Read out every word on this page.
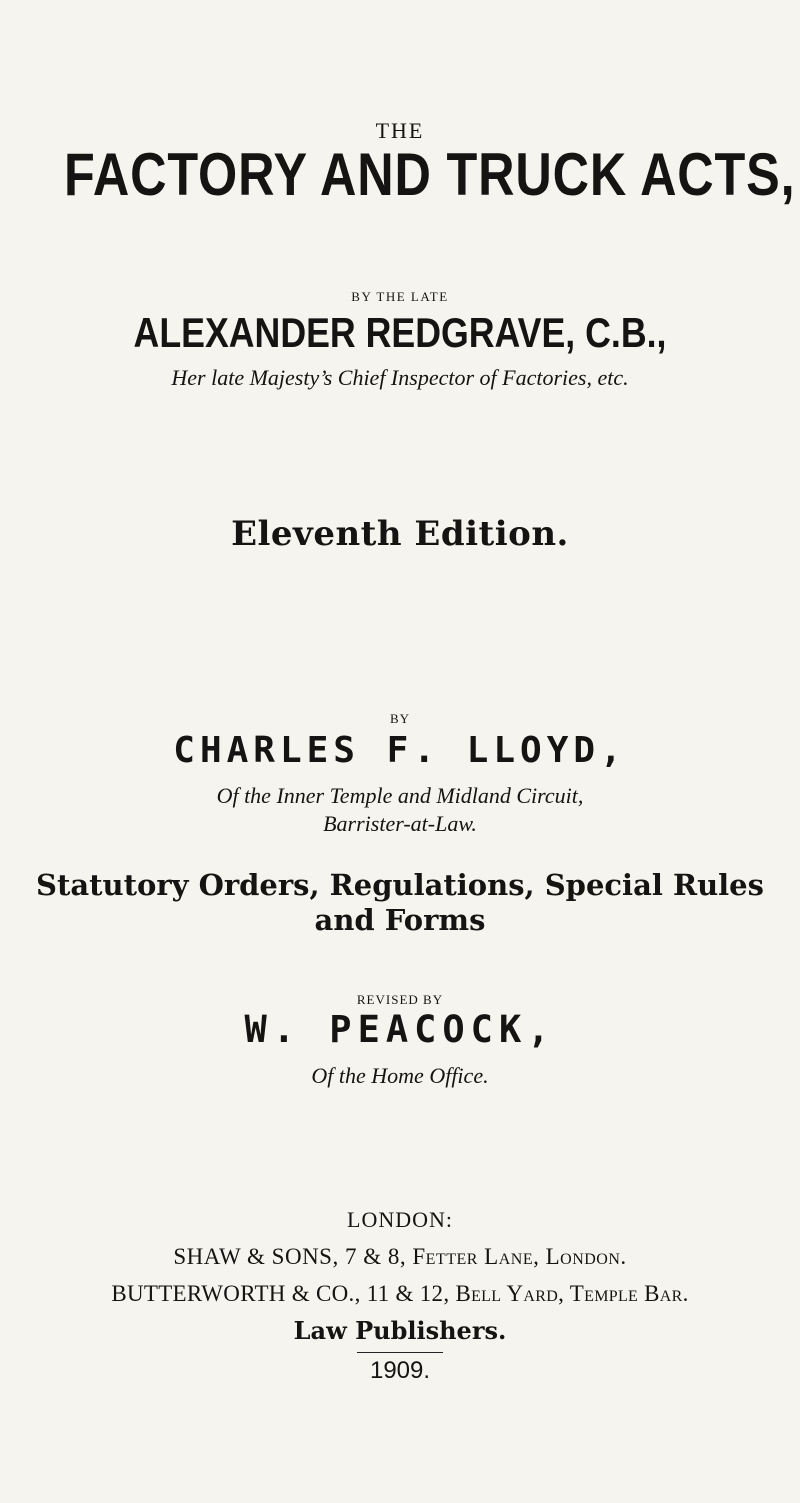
THE
FACTORY AND TRUCK ACTS,
BY THE LATE
ALEXANDER REDGRAVE, C.B.,
Her late Majesty’s Chief Inspector of Factories, etc.
Eleventh Edition.
BY
CHARLES F. LLOYD,
Of the Inner Temple and Midland Circuit,
Barrister-at-Law.
Statutory Orders, Regulations, Special Rules
and Forms
REVISED BY
W. PEACOCK,
Of the Home Office.
LONDON:
SHAW & SONS, 7 & 8, Fetter Lane, London.
BUTTERWORTH & CO., 11 & 12, Bell Yard, Temple Bar.
Law Publishers.
1909.
